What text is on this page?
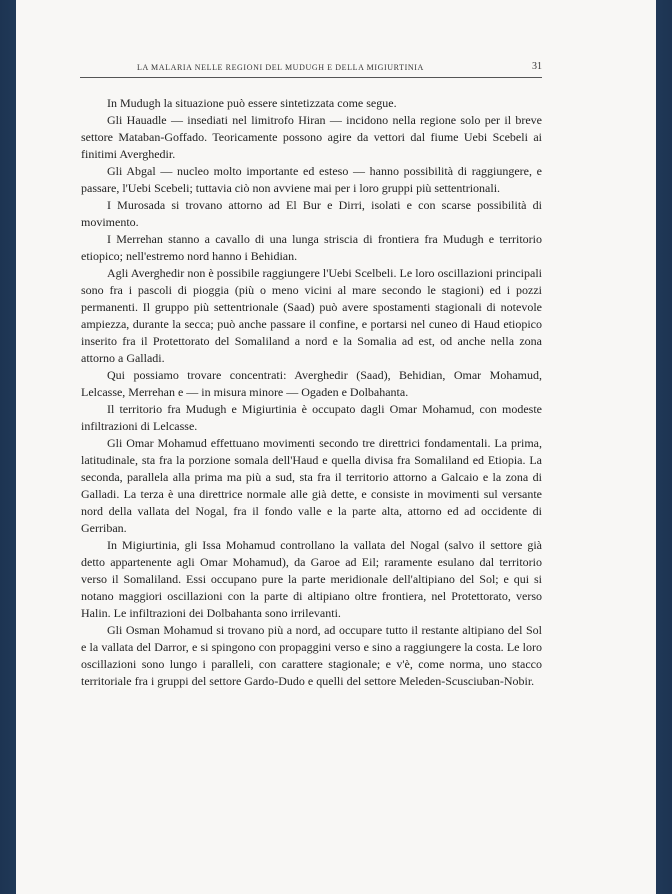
LA MALARIA NELLE REGIONI DEL MUDUGH E DELLA MIGIURTINIA	31

In Mudugh la situazione può essere sintetizzata come segue.

Gli Hauadle — insediati nel limitrofo Hiran — incidono nella regione solo per il breve settore Mataban-Goffado. Teoricamente possono agire da vettori dal fiume Uebi Scebeli ai finitimi Averghedir.

Gli Abgal — nucleo molto importante ed esteso — hanno possibilità di raggiungere, e passare, l'Uebi Scebeli; tuttavia ciò non avviene mai per i loro gruppi più settentrionali.

I Murosada si trovano attorno ad El Bur e Dirri, isolati e con scarse possibilità di movimento.

I Merrehan stanno a cavallo di una lunga striscia di frontiera fra Mudugh e territorio etiopico; nell'estremo nord hanno i Behidian.

Agli Averghedir non è possibile raggiungere l'Uebi Scelbeli. Le loro oscillazioni principali sono fra i pascoli di pioggia (più o meno vicini al mare secondo le stagioni) ed i pozzi permanenti. Il gruppo più settentrionale (Saad) può avere spostamenti stagionali di notevole ampiezza, durante la secca; può anche passare il confine, e portarsi nel cuneo di Haud etiopico inserito fra il Protettorato del Somaliland a nord e la Somalia ad est, od anche nella zona attorno a Galladi.

Qui possiamo trovare concentrati: Averghedir (Saad), Behidian, Omar Mohamud, Lelcasse, Merrehan e — in misura minore — Ogaden e Dolbahanta.

Il territorio fra Mudugh e Migiurtinia è occupato dagli Omar Mohamud, con modeste infiltrazioni di Lelcasse.

Gli Omar Mohamud effettuano movimenti secondo tre direttrici fondamentali. La prima, latitudinale, sta fra la porzione somala dell'Haud e quella divisa fra Somaliland ed Etiopia. La seconda, parallela alla prima ma più a sud, sta fra il territorio attorno a Galcaio e la zona di Galladi. La terza è una direttrice normale alle già dette, e consiste in movimenti sul versante nord della vallata del Nogal, fra il fondo valle e la parte alta, attorno ed ad occidente di Gerriban.

In Migiurtinia, gli Issa Mohamud controllano la vallata del Nogal (salvo il settore già detto appartenente agli Omar Mohamud), da Garoe ad Eil; raramente esulano dal territorio verso il Somaliland. Essi occupano pure la parte meridionale dell'altipiano del Sol; e qui si notano maggiori oscillazioni con la parte di altipiano oltre frontiera, nel Protettorato, verso Halin. Le infiltrazioni dei Dolbahanta sono irrilevanti.

Gli Osman Mohamud si trovano più a nord, ad occupare tutto il restante altipiano del Sol e la vallata del Darror, e si spingono con propaggini verso e sino a raggiungere la costa. Le loro oscillazioni sono lungo i paralleli, con carattere stagionale; e v'è, come norma, uno stacco territoriale fra i gruppi del settore Gardo-Dudo e quelli del settore Meleden-Scusciuban-Nobir.
